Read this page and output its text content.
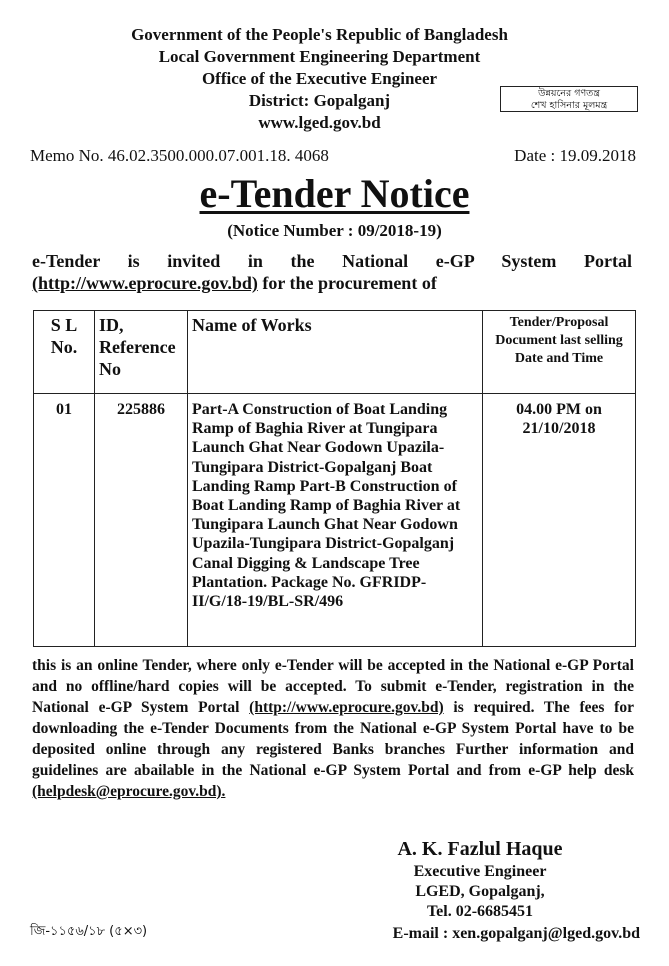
Government of the People's Republic of Bangladesh
Local Government Engineering Department
Office of the Executive Engineer
District: Gopalganj
www.lged.gov.bd
উন্নয়নের গণতন্ত্র
শেখ হাসিনার মূলমন্ত্র
Memo No. 46.02.3500.000.07.001.18. 4068	Date : 19.09.2018
e-Tender Notice
(Notice Number : 09/2018-19)
e-Tender is invited in the National e-GP System Portal (http://www.eprocure.gov.bd) for the procurement of
S L No.	ID, Reference No	Name of Works	Tender/Proposal Document last selling Date and Time
01	225886	Part-A Construction of Boat Landing Ramp of Baghia River at Tungipara Launch Ghat Near Godown Upazila-Tungipara District-Gopalganj Boat Landing Ramp Part-B Construction of Boat Landing Ramp of Baghia River at Tungipara Launch Ghat Near Godown Upazila-Tungipara District-Gopalganj Canal Digging & Landscape Tree Plantation. Package No. GFRIDP-II/G/18-19/BL-SR/496	04.00 PM on 21/10/2018
this is an online Tender, where only e-Tender will be accepted in the National e-GP Portal and no offline/hard copies will be accepted. To submit e-Tender, registration in the National e-GP System Portal (http://www.eprocure.gov.bd) is required. The fees for downloading the e-Tender Documents from the National e-GP System Portal have to be deposited online through any registered Banks branches Further information and guidelines are abailable in the National e-GP System Portal and from e-GP help desk (helpdesk@eprocure.gov.bd).
A. K. Fazlul Haque
Executive Engineer
LGED, Gopalganj,
Tel. 02-6685451
E-mail : xen.gopalganj@lged.gov.bd
জি-১১৫৬/১৮ (৫×৩)
